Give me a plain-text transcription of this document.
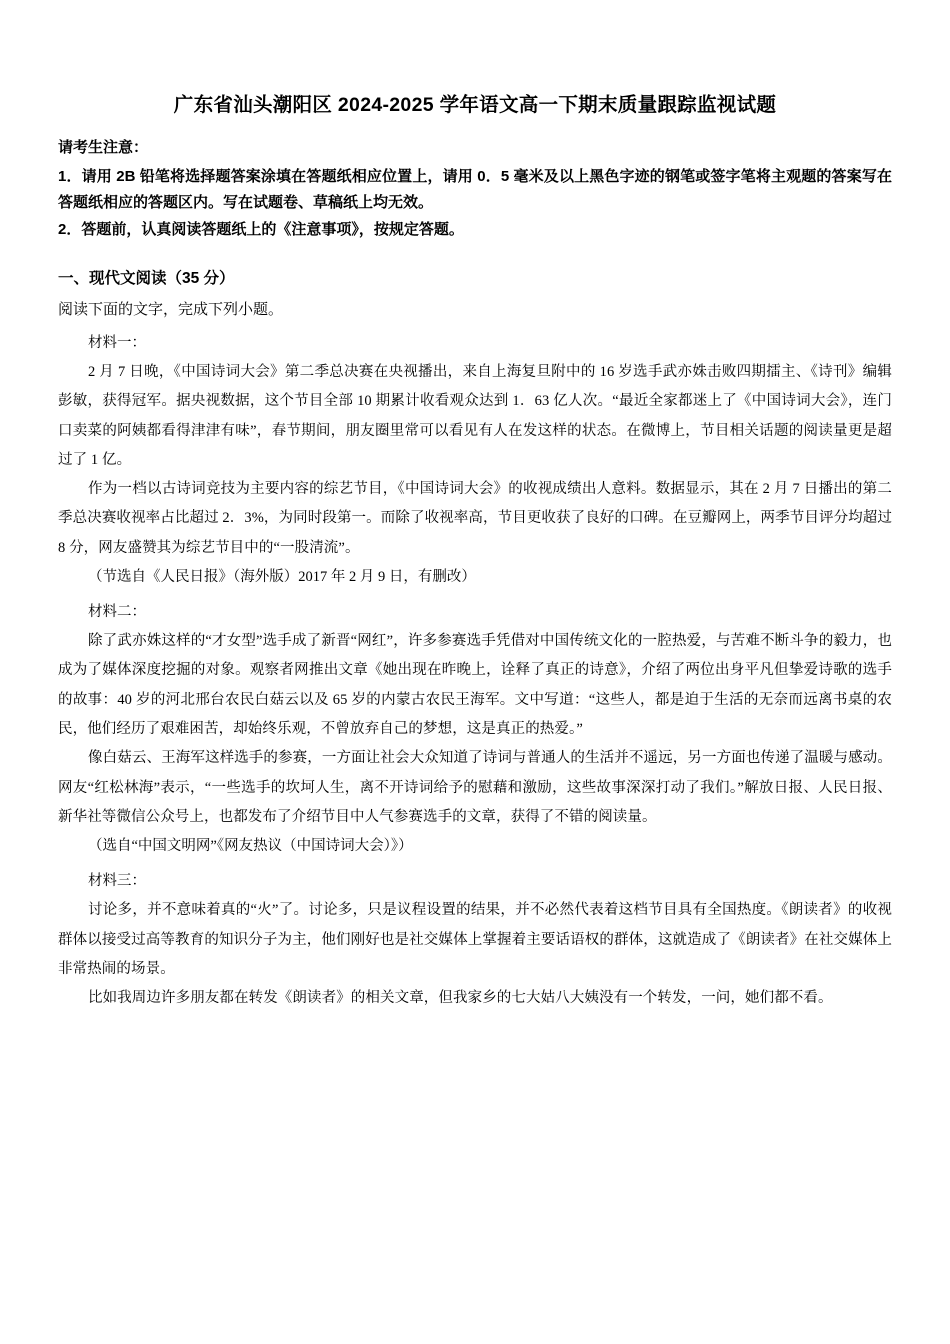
广东省汕头潮阳区 2024-2025 学年语文高一下期末质量跟踪监视试题
请考生注意：

1．请用 2B 铅笔将选择题答案涂填在答题纸相应位置上，请用 0．5 毫米及以上黑色字迹的钢笔或签字笔将主观题的答案写在答题纸相应的答题区内。写在试题卷、草稿纸上均无效。

2．答题前，认真阅读答题纸上的《注意事项》，按规定答题。

一、现代文阅读（35 分）
阅读下面的文字，完成下列小题。
材料一：

2 月 7 日晚，《中国诗词大会》第二季总决赛在央视播出，来自上海复旦附中的 16 岁选手武亦姝击败四期擂主、《诗刊》编辑彭敏，获得冠军。据央视数据，这个节目全部 10 期累计收看观众达到 1．63 亿人次。“最近全家都迷上了《中国诗词大会》，连门口卖菜的阿姨都看得津津有味”，春节期间，朋友圈里常可以看见有人在发这样的状态。在微博上，节目相关话题的阅读量更是超过了 1 亿。

作为一档以古诗词竞技为主要内容的综艺节目，《中国诗词大会》的收视成绩出人意料。数据显示，其在 2 月 7 日播出的第二季总决赛收视率占比超过 2．3%，为同时段第一。而除了收视率高，节目更收获了良好的口碑。在豆瓣网上，两季节目评分均超过 8 分，网友盛赞其为综艺节目中的“一股清流”。

（节选自《人民日报》（海外版）2017 年 2 月 9 日，有删改）

材料二：

除了武亦姝这样的“才女型”选手成了新晋“网红”，许多参赛选手凭借对中国传统文化的一腔热爱，与苦难不断斗争的毅力，也成为了媒体深度挖掘的对象。观察者网推出文章《她出现在昨晚上，诠释了真正的诗意》，介绍了两位出身平凡但挚爱诗歌的选手的故事：40 岁的河北邢台农民白菇云以及 65 岁的内蒙古农民王海军。文中写道：“这些人，都是迫于生活的无奈而远离书桌的农民，他们经历了艰难困苦，却始终乐观，不曾放弃自己的梦想，这是真正的热爱。”

像白菇云、王海军这样选手的参赛，一方面让社会大众知道了诗词与普通人的生活并不遥远，另一方面也传递了温暖与感动。网友“红松林海”表示，“一些选手的坎坷人生，离不开诗词给予的慰藉和激励，这些故事深深打动了我们。”解放日报、人民日报、新华社等微信公众号上，也都发布了介绍节目中人气参赛选手的文章，获得了不错的阅读量。

（选自“中国文明网”《网友热议（中国诗词大会）》）

材料三：

讨论多，并不意味着真的“火”了。讨论多，只是议程设置的结果，并不必然代表着这档节目具有全国热度。《朗读者》的收视群体以接受过高等教育的知识分子为主，他们刚好也是社交媒体上掌握着主要话语权的群体，这就造成了《朗读者》在社交媒体上非常热闹的场景。

比如我周边许多朋友都在转发《朗读者》的相关文章，但我家乡的七大姑八大姨没有一个转发，一问，她们都不看。
